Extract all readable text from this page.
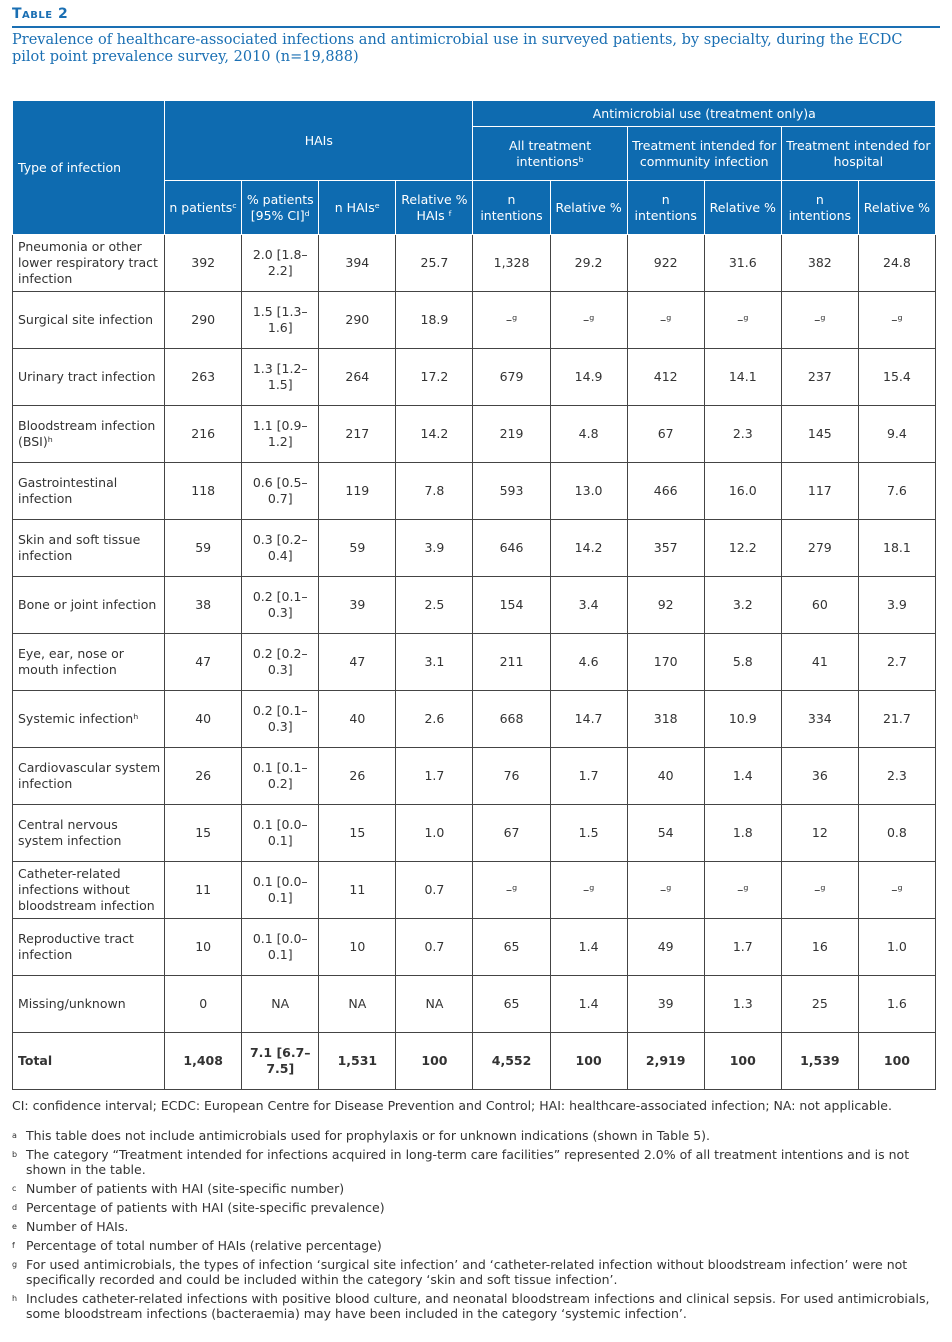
Table 2
Prevalence of healthcare-associated infections and antimicrobial use in surveyed patients, by specialty, during the ECDC pilot point prevalence survey, 2010 (n=19,888)
Type of infection	HAIs				Antimicrobial use (treatment only)a					
					All treatment intentionsᵇ		Treatment intended for community infection		Treatment intended for hospital	
	n patientsᶜ	% patients [95% CI]ᵈ	n HAIsᵉ	Relative % HAIs ᶠ	n intentions	Relative %	n intentions	Relative %	n intentions	Relative %
Pneumonia or other lower respiratory tract infection	392	2.0 [1.8–2.2]	394	25.7	1,328	29.2	922	31.6	382	24.8
Surgical site infection	290	1.5 [1.3–1.6]	290	18.9	–ᵍ	–ᵍ	–ᵍ	–ᵍ	–ᵍ	–ᵍ
Urinary tract infection	263	1.3 [1.2–1.5]	264	17.2	679	14.9	412	14.1	237	15.4
Bloodstream infection (BSI)ʰ	216	1.1 [0.9–1.2]	217	14.2	219	4.8	67	2.3	145	9.4
Gastrointestinal infection	118	0.6 [0.5–0.7]	119	7.8	593	13.0	466	16.0	117	7.6
Skin and soft tissue infection	59	0.3 [0.2–0.4]	59	3.9	646	14.2	357	12.2	279	18.1
Bone or joint infection	38	0.2 [0.1–0.3]	39	2.5	154	3.4	92	3.2	60	3.9
Eye, ear, nose or mouth infection	47	0.2 [0.2–0.3]	47	3.1	211	4.6	170	5.8	41	2.7
Systemic infectionʰ	40	0.2 [0.1–0.3]	40	2.6	668	14.7	318	10.9	334	21.7
Cardiovascular system infection	26	0.1 [0.1–0.2]	26	1.7	76	1.7	40	1.4	36	2.3
Central nervous system infection	15	0.1 [0.0–0.1]	15	1.0	67	1.5	54	1.8	12	0.8
Catheter-related infections without bloodstream infection	11	0.1 [0.0–0.1]	11	0.7	–ᵍ	–ᵍ	–ᵍ	–ᵍ	–ᵍ	–ᵍ
Reproductive tract infection	10	0.1 [0.0–0.1]	10	0.7	65	1.4	49	1.7	16	1.0
Missing/unknown	0	NA	NA	NA	65	1.4	39	1.3	25	1.6
Total	1,408	7.1 [6.7–7.5]	1,531	100	4,552	100	2,919	100	1,539	100
CI: confidence interval; ECDC: European Centre for Disease Prevention and Control; HAI: healthcare-associated infection; NA: not applicable.
a This table does not include antimicrobials used for prophylaxis or for unknown indications (shown in Table 5).
b The category “Treatment intended for infections acquired in long-term care facilities” represented 2.0% of all treatment intentions and is not shown in the table.
c Number of patients with HAI (site-specific number)
d Percentage of patients with HAI (site-specific prevalence)
e Number of HAIs.
f Percentage of total number of HAIs (relative percentage)
g For used antimicrobials, the types of infection ‘surgical site infection’ and ‘catheter-related infection without bloodstream infection’ were not specifically recorded and could be included within the category ‘skin and soft tissue infection’.
h Includes catheter-related infections with positive blood culture, and neonatal bloodstream infections and clinical sepsis. For used antimicrobials, some bloodstream infections (bacteraemia) may have been included in the category ‘systemic infection’.
